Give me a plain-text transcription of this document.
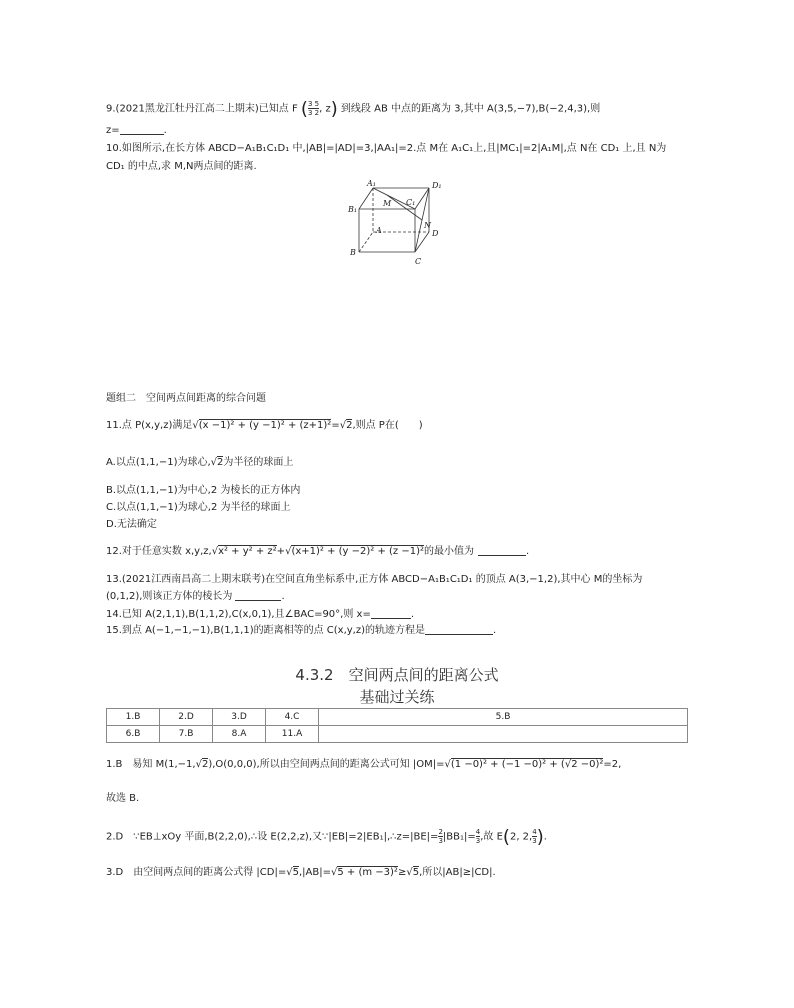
9.(2021黑龙江牡丹江高二上期末)已知点 F ( $\frac{3 5}{3 2}$ , z) 到线段 AB 中点的距离为 3,其中 A(3,5,−7),B(−2,4,3),则
z=	.
10.如图所示,在长方体 ABCD−A₁B₁C₁D₁ 中,|AB|=|AD|=3,|AA₁|=2.点 M在 A₁C₁上,且|MC₁|=2|A₁M|,点 N在 CD₁ 上,且 N为
CD₁ 的中点,求 M,N两点间的距离.
A₁	D₁
B₁
M C₁
A
N
B
D
C
题组二　空间两点间距离的综合问题
11.点 P(x,y,z)满足√(x −1)² + (y −1)² + (z+1)²=√2,则点 P在(　　)
A.以点(1,1,−1)为球心,√2为半径的球面上
B.以点(1,1,−1)为中心,2 为棱长的正方体内
C.以点(1,1,−1)为球心,2 为半径的球面上
D.无法确定
12.对于任意实数 x,y,z,√x² + y² + z²+√(x+1)² + (y −2)² + (z −1)²的最小值为	.
13.(2021江西南昌高二上期末联考)在空间直角坐标系中,正方体 ABCD−A₁B₁C₁D₁ 的顶点 A(3,−1,2),其中心 M的坐标为
(0,1,2),则该正方体的棱长为	.
14.已知 A(2,1,1),B(1,1,2),C(x,0,1),且∠BAC=90°,则 x=	.
15.到点 A(−1,−1,−1),B(1,1,1)的距离相等的点 C(x,y,z)的轨迹方程是	.
4.3.2　空间两点间的距离公式
基础过关练
1.B	2.D	3.D	4.C	5.B
6.B	7.B	8.A	11.A	
1.B　易知 M(1,−1,√2),O(0,0,0),所以由空间两点间的距离公式可知 |OM|=√(1 −0)² + (−1 −0)² + (√2 −0)²=2,
故选 B.
2.D　∵EB⊥xOy 平面,B(2,2,0),∴设 E(2,2,z),又∵|EB|=2|EB₁|,∴z=|BE|= $\frac{2}{3} |BB_1|= \frac{4}{3}$ ,故 E(2, 2, $\frac{4}{3}$ ).
3.D　由空间两点间的距离公式得 |CD|=√5,|AB|=√5 + (m −3)²≥√5,所以|AB|≥|CD|.
